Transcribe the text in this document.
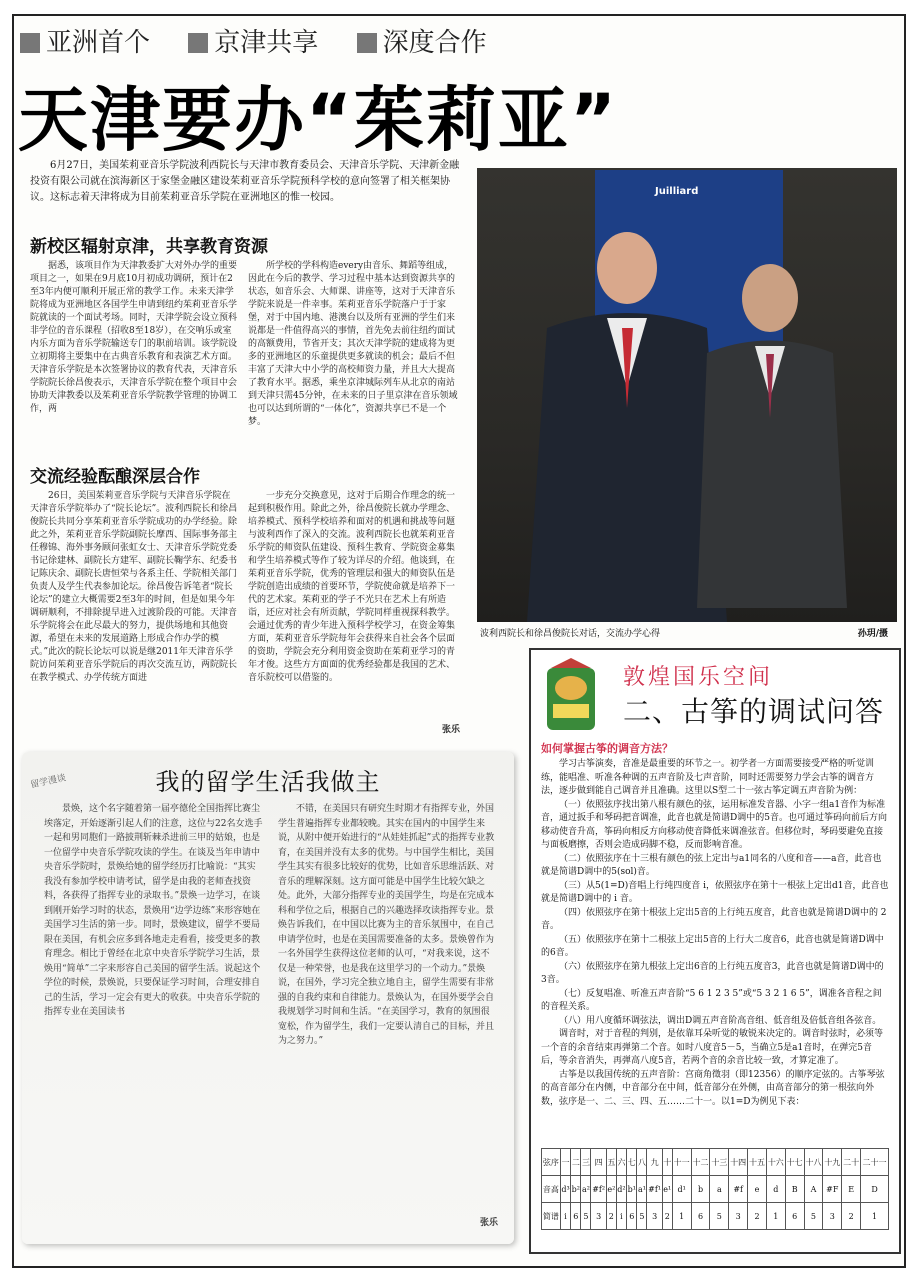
亚洲首个 京津共享 深度合作
天津要办“茱莉亚”
6月27日，美国茱莉亚音乐学院波利西院长与天津市教育委员会、天津音乐学院、天津新金融投资有限公司就在滨海新区于家堡金融区建设茱莉亚音乐学院预科学校的意向签署了相关框架协议。这标志着天津将成为目前茱莉亚音乐学院在亚洲地区的惟一校园。
新校区辐射京津，共享教育资源
据悉，该项目作为天津教委扩大对外办学的重要项目之一，如果在9月底10月初成功调研，预计在2至3年内便可顺利开展正常的教学工作。未来天津学院将成为亚洲地区各国学生申请到纽约茱莉亚音乐学院就读的一个面试考场。同时，天津学院会设立预科非学位的音乐课程（招收8至18岁），在交响乐或室内乐方面为音乐学院输送专门的职前培训。该学院设立初期将主要集中在古典音乐教育和表演艺术方面。天津音乐学院是本次签署协议的教育代表，天津音乐学院院长徐昌俊表示，天津音乐学院在整个项目中会协助天津教委以及茱莉亚音乐学院教学管理的协调工作，两
所学校的学科构造every由音乐、舞蹈等组成，因此在今后的教学、学习过程中基本达到资源共享的状态，如音乐会、大师课、讲座等，这对于天津音乐学院来说是一件幸事。茱莉亚音乐学院落户于于家堡，对于中国内地、港澳台以及所有亚洲的学生们来说都是一件值得高兴的事情，首先免去前往纽约面试的高额费用，节省开支；其次天津学院的建成将为更多的亚洲地区的乐童提供更多就读的机会；最后不但丰富了天津大中小学的高校师资力量，并且大大提高了教育水平。据悉，乘坐京津城际列车从北京的南站到天津只需45分钟，在未来的日子里京津在音乐领域也可以达到所谓的“一体化”，资源共享已不是一个梦。
交流经验酝酿深层合作
26日，美国茱莉亚音乐学院与天津音乐学院在天津音乐学院举办了“院长论坛”。波利西院长和徐昌俊院长共同分享茱莉亚音乐学院成功的办学经验。除此之外，茱莉亚音乐学院副院长摩西、国际事务部主任穆锦、海外事务顾问张虹女士、天津音乐学院党委书记徐建林、副院长方建军、副院长鞠学东、纪委书记陈庆余、副院长唐恒荣与各系主任、学院相关部门负责人及学生代表参加论坛。徐昌俊告诉笔者“院长论坛”的建立大概需要2至3年的时间，但是如果今年调研顺利，不排除提早进入过渡阶段的可能。天津音乐学院将会在此尽最大的努力，提供场地和其他资源，希望在未来的发展道路上形成合作办学的模式。”此次的院长论坛可以说是继2011年天津音乐学院访问茱莉亚音乐学院后的再次交流互访，两院院长在教学模式、办学传统方面进
一步充分交换意见，这对于后期合作理念的统一起到积极作用。除此之外，徐昌俊院长就办学理念、培养模式、预科学校培养和面对的机遇和挑战等问题与波利西作了深入的交流。波利西院长也就茱莉亚音乐学院的师资队伍建设、预科生教育、学院资金募集和学生培养模式等作了较为详尽的介绍。他谈到，在茱莉亚音乐学院，优秀的管理层和强大的师资队伍是学院创造出成绩的首要环节，学院使命就是培养下一代的艺术家。茱莉亚的学子不光只在艺术上有所造诣，还应对社会有所贡献，学院同样重视探科教学。会通过优秀的青少年进入预科学校学习，在资金筹集方面，茱莉亚音乐学院每年会获得来自社会各个层面的资助，学院会充分利用资金资助在茱莉亚学习的青年才俊。这些方方面面的优秀经验都是我国的艺术、音乐院校可以借鉴的。
张乐
Juilliard
波利西院长和徐昌俊院长对话，交流办学心得	孙玥/摄
敦煌国乐空间
二、古筝的调试问答
如何掌握古筝的调音方法？

学习古筝演奏，音准是最重要的环节之一。初学者一方面需要接受严格的听觉训练，能唱准、听准各种调的五声音阶及七声音阶，同时还需要努力学会古筝的调音方法，逐步做到能自己调音并且准确。这里以S型二十一弦古筝定调五声音阶为例：

（一）依照弦序找出第八根有颜色的弦，运用标准发音器、小字一组a1音作为标准音，通过扳手和琴码把音调准，此音也就是简谱D调中的5音。也可通过筝码向前后方向移动使音升高，筝码向相反方向移动使音降低来调准弦音。但移位时，琴码要避免直接与面板磨擦，否则会造成码脚不稳，反而影响音准。

（二）依照弦序在十三根有颜色的弦上定出与a1同名的八度和音——a音，此音也就是简谱D调中的5(sol)音。

（三）从5(1=D)音唱上行纯四度音 i，依照弦序在第十一根弦上定出d1音，此音也就是简谱D调中的 i 音。

（四）依照弦序在第十根弦上定出5音的上行纯五度音，此音也就是简谱D调中的 2 音。

（五）依照弦序在第十二根弦上定出5音的上行大二度音6，此音也就是简谱D调中的6音。

（六）依照弦序在第九根弦上定出6音的上行纯五度音3，此音也就是简谱D调中的3音。

（七）反复唱准、听准五声音阶“5 6 1 2 3 5”或“5 3 2 1 6 5”，调准各音程之间的音程关系。

（八）用八度循环调弦法，调出D调五声音阶高音组、低音组及倍低音组各弦音。

调音时，对于音程的判别，是依靠耳朵听觉的敏锐来决定的。调音时弦时，必须等一个音的余音结束再弹第二个音。如时八度音5－5，当确立5是a1音时，在弹完5音后，等余音消失，再弹高八度5音，若两个音的余音比较一致，才算定准了。

古筝是以我国传统的五声音阶：宫商角徵羽（即12356）的顺序定弦的。古筝琴弦的高音部分在内侧，中音部分在中间，低音部分在外侧，由高音部分的第一根弦向外数，弦序是一、二、三、四、五……二十一。以1=D为例见下表：

弦序	一	二	三	四	五	六	七	八	九	十	十一	十二	十三	十四	十五	十六	十七	十八	十九	二十	二十一
音高	d³	b²	a²	#f²	e²	d²	b¹	a¹	#f¹	e¹	d¹	b	a	#f	e	d	B	A	#F	E	D
简谱	i	6	5	3	2	i	6	5	3	2	1	6	5	3	2	1	6	5	3	2	1
留学漫谈	我的留学生活我做主
景焕，这个名字随着第一届亭德伦全国指挥比赛尘埃落定，开始逐渐引起人们的注意，这位与22名女选手一起和男同胞们一路披荆斩棘杀进前三甲的姑娘，也是一位留学中央音乐学院攻读的学生。在谈及当年申请中央音乐学院时，景焕给她的留学经历打比喻说：“其实我没有参加学校申请考试，留学是由我的老师查找资料，各获得了指挥专业的录取书。”景焕一边学习，在谈到刚开始学习时的状态，景焕用“边学边练”来形容她在美国学习生活的第一步。同时，景焕建议，留学不要局限在美国，有机会应多到各地走走看看，接受更多的教育理念。相比于曾经在北京中央音乐学院学习生活，景焕用“简单”二字来形容自己美国的留学生活。说起这个学位的时候，景焕说，只要保证学习时间，合理安排自己的生活，学习一定会有更大的收获。中央音乐学院的指挥专业在美国读书
不错，在美国只有研究生时期才有指挥专业，外国学生普遍指挥专业都较晚。其实在国内的中国学生来说，从附中便开始进行的“从娃娃抓起”式的指挥专业教育，在美国并没有太多的优势。与中国学生相比，美国学生其实有很多比较好的优势，比如音乐思维活跃、对音乐的理解深刻。这方面可能是中国学生比较欠缺之处。此外，大部分指挥专业的美国学生，均是在完成本科和学位之后，根据自己的兴趣选择攻读指挥专业。景焕告诉我们，在中国以比赛为主的音乐氛围中，在自己申请学位时，也是在美国需要准备的太多。景焕曾作为一名外国学生获得这位老师的认可，“对我来说，这不仅是一种荣誉，也是我在这里学习的一个动力。”景焕说，在国外，学习完全独立地自主，留学生需要有非常强的自我约束和自律能力。景焕认为，在国外要学会自我规划学习时间和生活。“在美国学习，教育的氛围很宽松，作为留学生，我们一定要认清自己的目标，并且为之努力。”
张乐
